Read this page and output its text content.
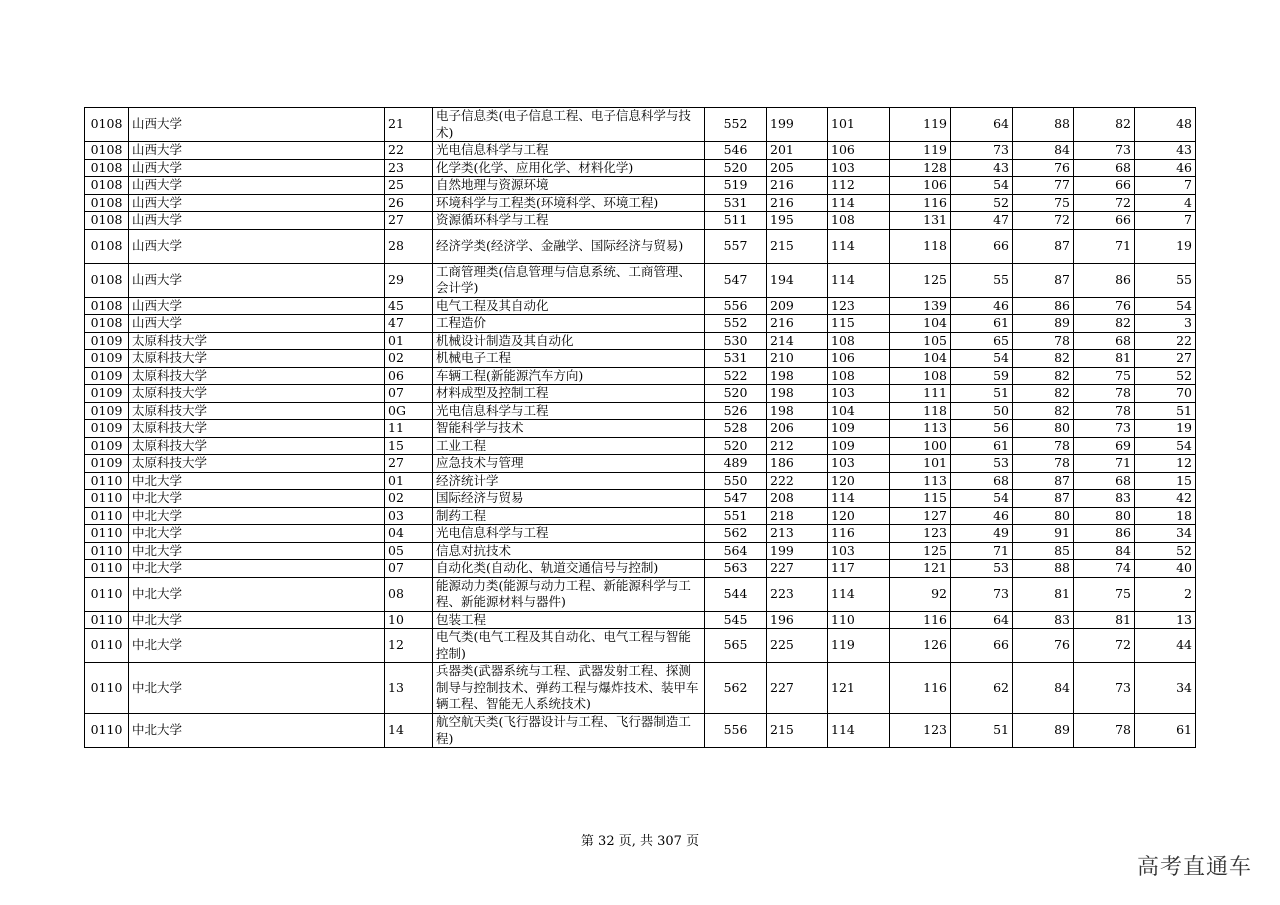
0108	山西大学	21	电子信息类(电子信息工程、电子信息科学与技术)	552	199	101	119	64	88	82	48
0108	山西大学	22	光电信息科学与工程	546	201	106	119	73	84	73	43
0108	山西大学	23	化学类(化学、应用化学、材料化学)	520	205	103	128	43	76	68	46
0108	山西大学	25	自然地理与资源环境	519	216	112	106	54	77	66	7
0108	山西大学	26	环境科学与工程类(环境科学、环境工程)	531	216	114	116	52	75	72	4
0108	山西大学	27	资源循环科学与工程	511	195	108	131	47	72	66	7
0108	山西大学	28	经济学类(经济学、金融学、国际经济与贸易)	557	215	114	118	66	87	71	19
0108	山西大学	29	工商管理类(信息管理与信息系统、工商管理、会计学)	547	194	114	125	55	87	86	55
0108	山西大学	45	电气工程及其自动化	556	209	123	139	46	86	76	54
0108	山西大学	47	工程造价	552	216	115	104	61	89	82	3
0109	太原科技大学	01	机械设计制造及其自动化	530	214	108	105	65	78	68	22
0109	太原科技大学	02	机械电子工程	531	210	106	104	54	82	81	27
0109	太原科技大学	06	车辆工程(新能源汽车方向)	522	198	108	108	59	82	75	52
0109	太原科技大学	07	材料成型及控制工程	520	198	103	111	51	82	78	70
0109	太原科技大学	0G	光电信息科学与工程	526	198	104	118	50	82	78	51
0109	太原科技大学	11	智能科学与技术	528	206	109	113	56	80	73	19
0109	太原科技大学	15	工业工程	520	212	109	100	61	78	69	54
0109	太原科技大学	27	应急技术与管理	489	186	103	101	53	78	71	12
0110	中北大学	01	经济统计学	550	222	120	113	68	87	68	15
0110	中北大学	02	国际经济与贸易	547	208	114	115	54	87	83	42
0110	中北大学	03	制药工程	551	218	120	127	46	80	80	18
0110	中北大学	04	光电信息科学与工程	562	213	116	123	49	91	86	34
0110	中北大学	05	信息对抗技术	564	199	103	125	71	85	84	52
0110	中北大学	07	自动化类(自动化、轨道交通信号与控制)	563	227	117	121	53	88	74	40
0110	中北大学	08	能源动力类(能源与动力工程、新能源科学与工程、新能源材料与器件)	544	223	114	92	73	81	75	2
0110	中北大学	10	包装工程	545	196	110	116	64	83	81	13
0110	中北大学	12	电气类(电气工程及其自动化、电气工程与智能控制)	565	225	119	126	66	76	72	44
0110	中北大学	13	兵器类(武器系统与工程、武器发射工程、探测制导与控制技术、弹药工程与爆炸技术、装甲车辆工程、智能无人系统技术)	562	227	121	116	62	84	73	34
0110	中北大学	14	航空航天类(飞行器设计与工程、飞行器制造工程)	556	215	114	123	51	89	78	61
第 32 页, 共 307 页
高考直通车
